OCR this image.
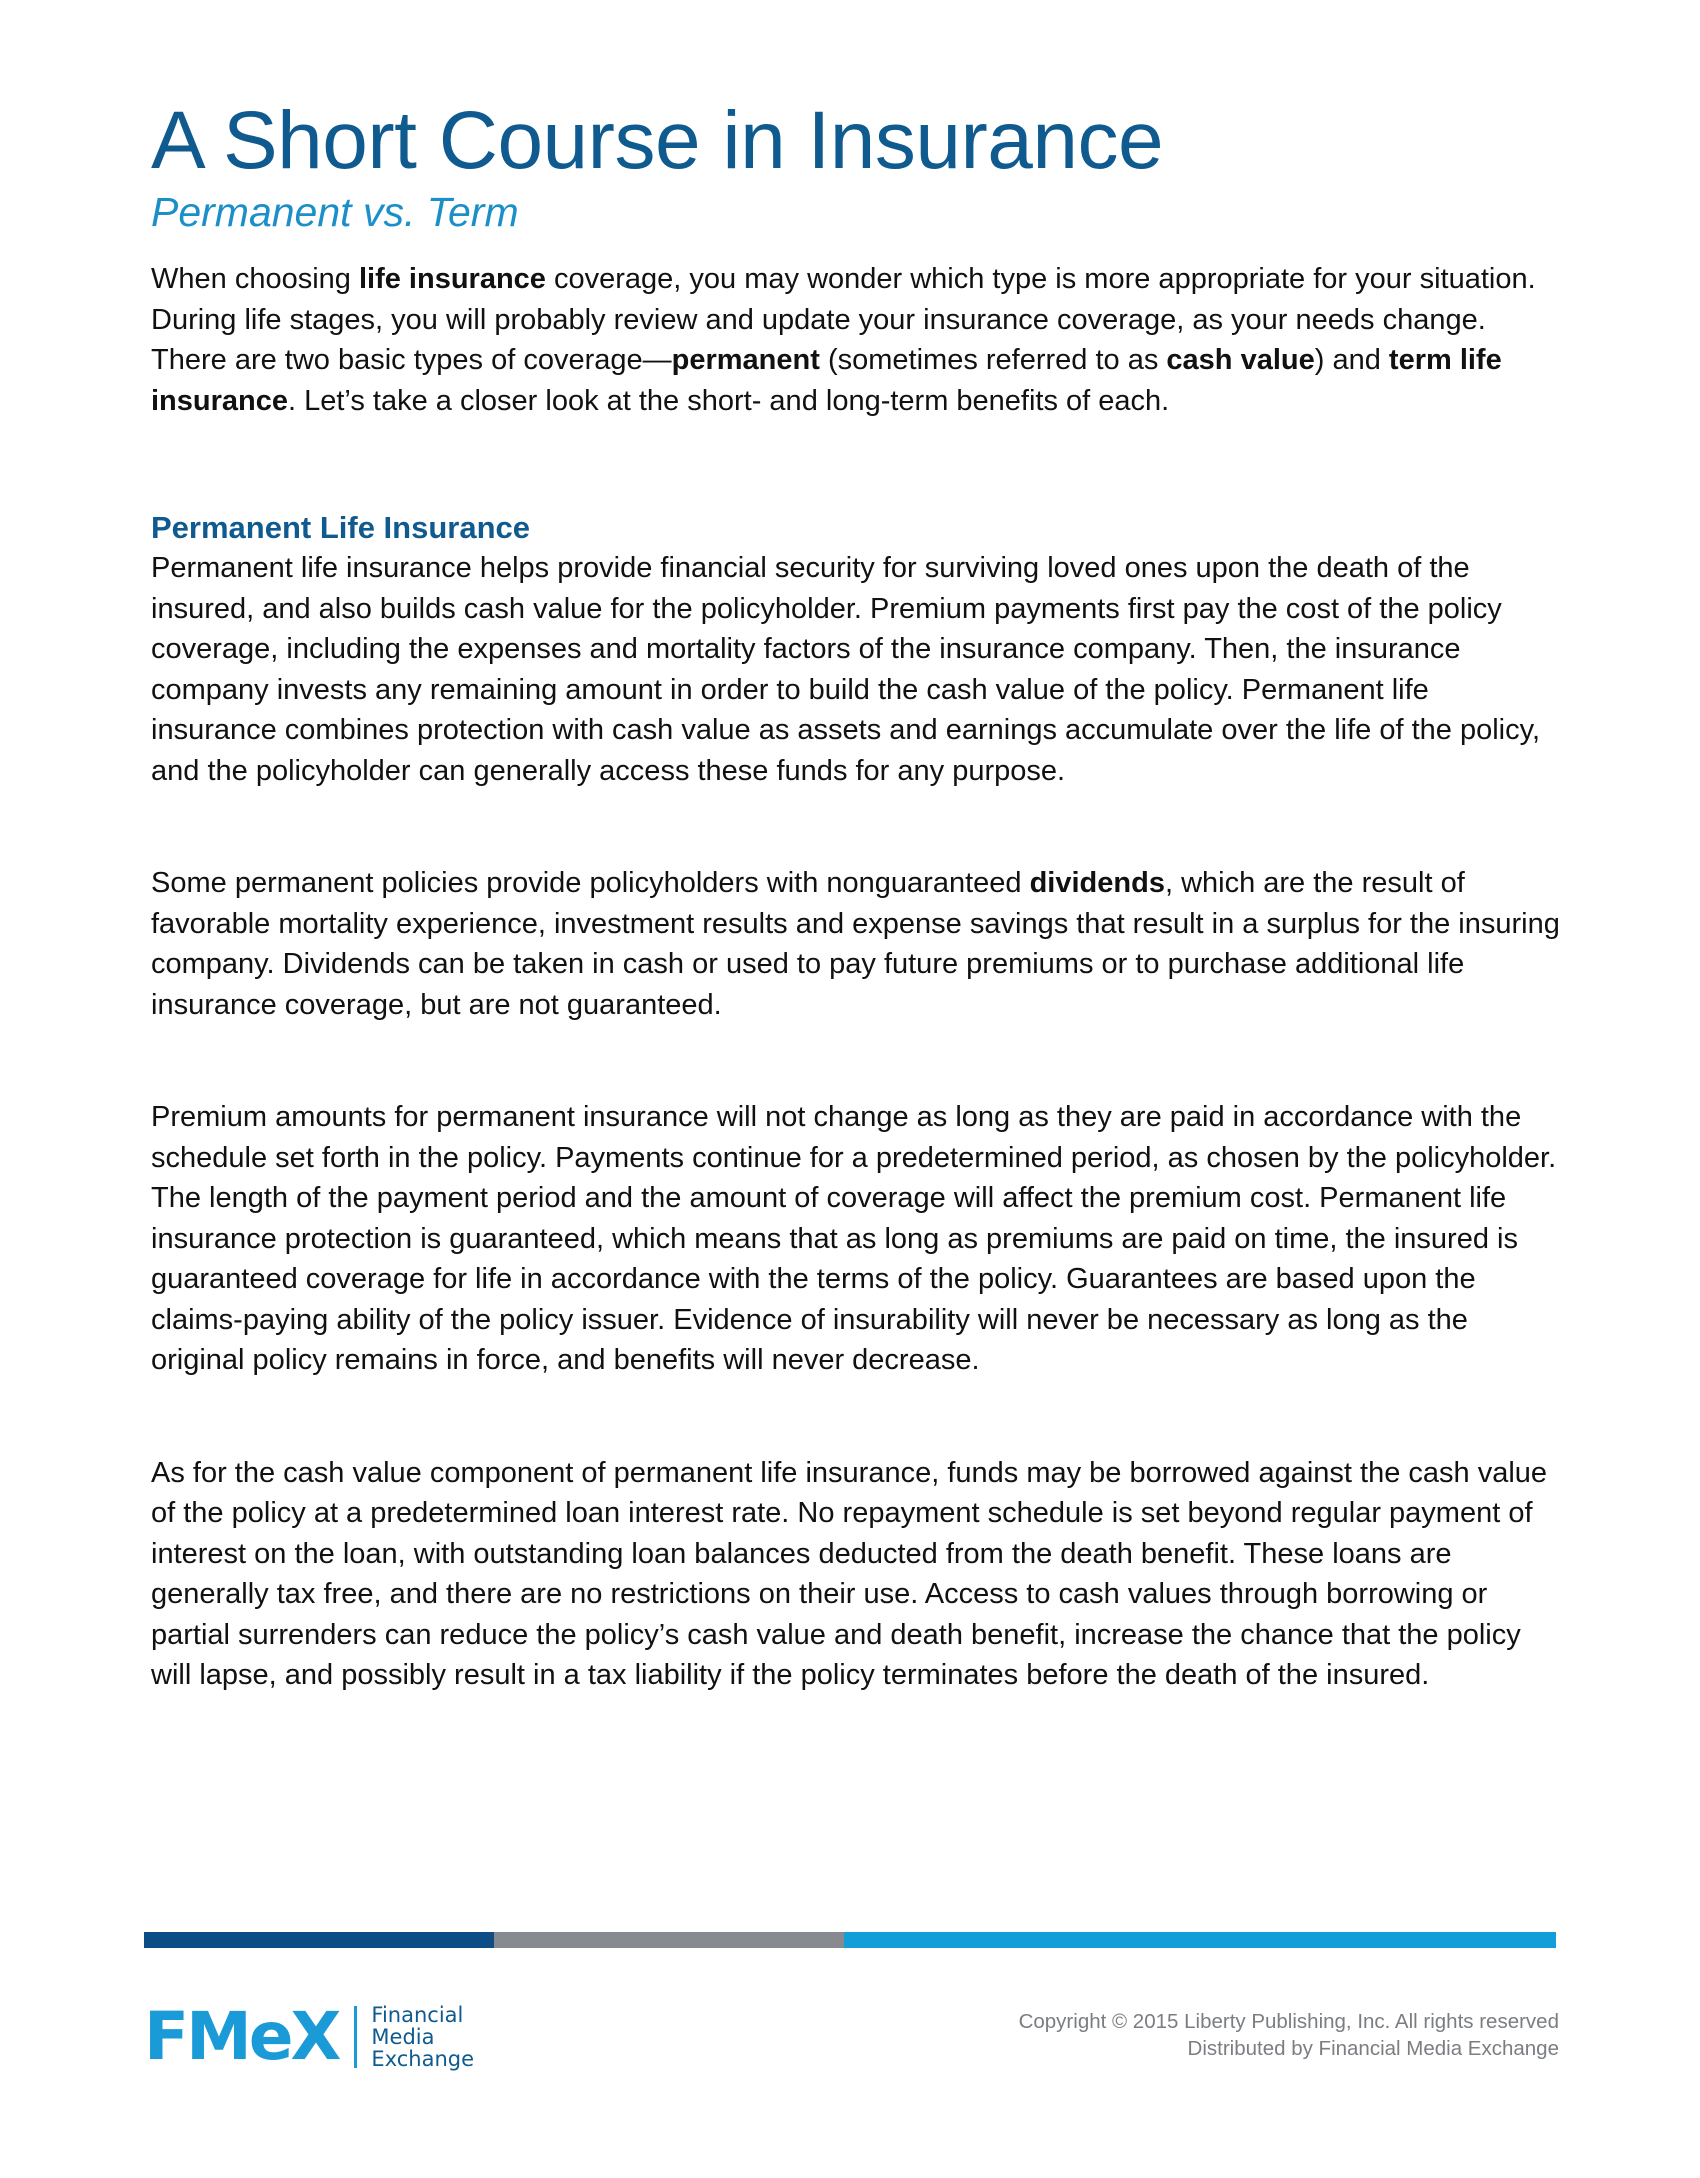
A Short Course in Insurance
Permanent vs. Term

When choosing life insurance coverage, you may wonder which type is more appropriate for your situation. During life stages, you will probably review and update your insurance coverage, as your needs change. There are two basic types of coverage—permanent (sometimes referred to as cash value) and term life insurance. Let’s take a closer look at the short- and long-term benefits of each.

Permanent Life Insurance

Permanent life insurance helps provide financial security for surviving loved ones upon the death of the insured, and also builds cash value for the policyholder. Premium payments first pay the cost of the policy coverage, including the expenses and mortality factors of the insurance company. Then, the insurance company invests any remaining amount in order to build the cash value of the policy. Permanent life insurance combines protection with cash value as assets and earnings accumulate over the life of the policy, and the policyholder can generally access these funds for any purpose.

Some permanent policies provide policyholders with nonguaranteed dividends, which are the result of favorable mortality experience, investment results and expense savings that result in a surplus for the insuring company. Dividends can be taken in cash or used to pay future premiums or to purchase additional life insurance coverage, but are not guaranteed.

Premium amounts for permanent insurance will not change as long as they are paid in accordance with the schedule set forth in the policy. Payments continue for a predetermined period, as chosen by the policyholder. The length of the payment period and the amount of coverage will affect the premium cost. Permanent life insurance protection is guaranteed, which means that as long as premiums are paid on time, the insured is guaranteed coverage for life in accordance with the terms of the policy. Guarantees are based upon the claims-paying ability of the policy issuer. Evidence of insurability will never be necessary as long as the original policy remains in force, and benefits will never decrease.

As for the cash value component of permanent life insurance, funds may be borrowed against the cash value of the policy at a predetermined loan interest rate. No repayment schedule is set beyond regular payment of interest on the loan, with outstanding loan balances deducted from the death benefit. These loans are generally tax free, and there are no restrictions on their use. Access to cash values through borrowing or partial surrenders can reduce the policy’s cash value and death benefit, increase the chance that the policy will lapse, and possibly result in a tax liability if the policy terminates before the death of the insured.

FMeX Financial
Media
Exchange
Copyright © 2015 Liberty Publishing, Inc. All rights reserved
Distributed by Financial Media Exchange
